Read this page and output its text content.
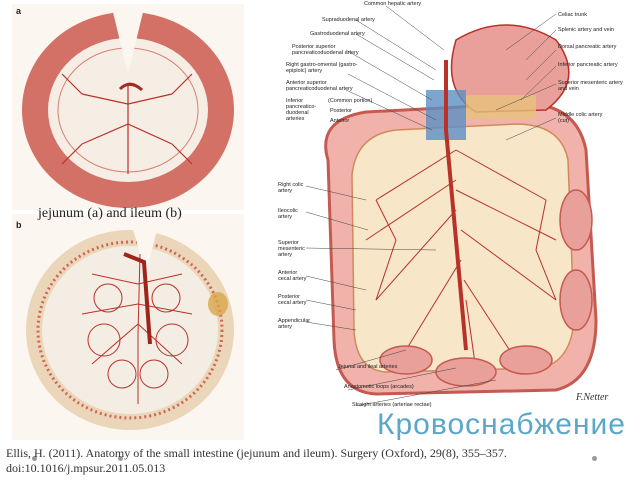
a
b
jejunum (a) and ileum (b)
F.Netter
Common hepatic artery
Supraduodenal artery
Gastroduodenal artery
Posterior superior pancreaticoduodenal artery
Right gastro-omental (gastro-epiploic) artery
Anterior superior pancreaticoduodenal artery
Inferior pancreatico-duodenal arteries
(Common portion)
Posterior
Anterior
Celiac trunk
Splenic artery and vein
Dorsal pancreatic artery
Inferior pancreatic artery
Superior mesenteric artery and vein
Middle colic artery (cut)
Right colic artery
Ileocolic artery
Superior mesenteric artery
Anterior cecal artery
Posterior cecal artery
Appendicular artery
Jejunal and ileal arteries
Anastomotic loops (arcades)
Straight arteries (arteriae rectae)
Кровоснабжение
Ellis, H. (2011). Anatomy of the small intestine (jejunum and ileum). Surgery (Oxford), 29(8), 355–357.
doi:10.1016/j.mpsur.2011.05.013
